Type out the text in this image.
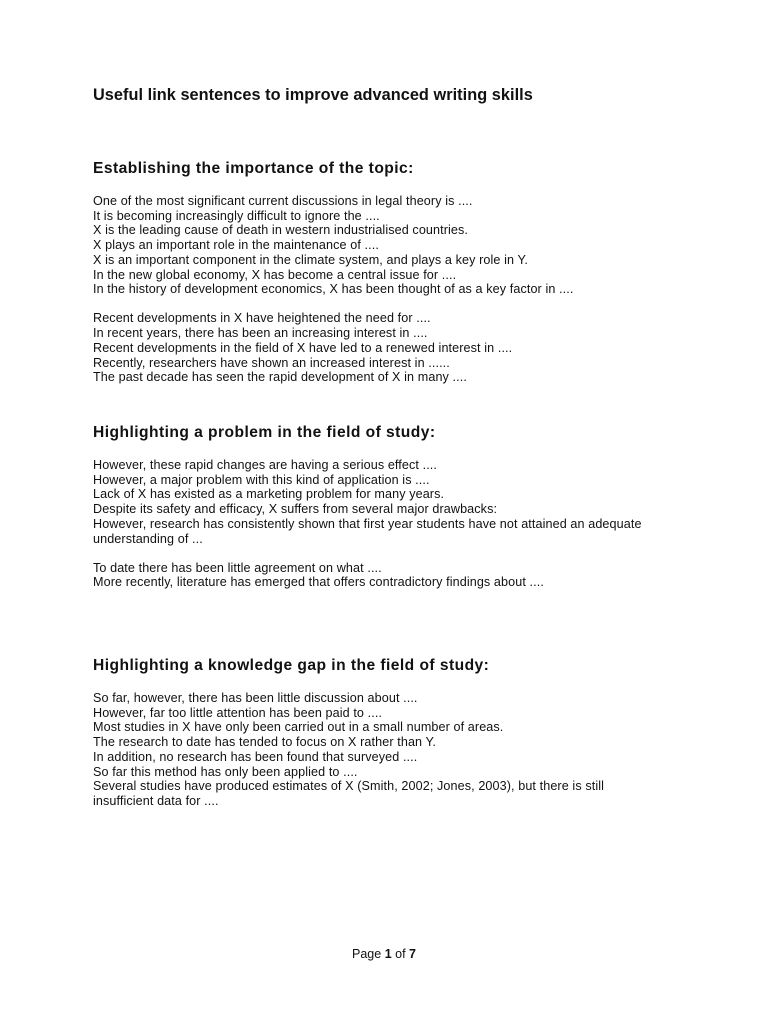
Useful link sentences to improve advanced writing skills
Establishing the importance of the topic:
One of the most significant current discussions in legal theory is ....
It is becoming increasingly difficult to ignore the ....
X is the leading cause of death in western industrialised countries.
X plays an important role in the maintenance of ....
X is an important component in the climate system, and plays a key role in Y.
In the new global economy, X has become a central issue for ....
In the history of development economics, X has been thought of as a key factor in ....
Recent developments in X have heightened the need for ....
In recent years, there has been an increasing interest in ....
Recent developments in the field of X have led to a renewed interest in ....
Recently, researchers have shown an increased interest in ......
The past decade has seen the rapid development of X in many ....
Highlighting a problem in the field of study:
However, these rapid changes are having a serious effect ....
However, a major problem with this kind of application is ....
Lack of X has existed as a marketing problem for many years.
Despite its safety and efficacy, X suffers from several major drawbacks:
However, research has consistently shown that first year students have not attained an adequate
understanding of ...
To date there has been little agreement on what ....
More recently, literature has emerged that offers contradictory findings about ....
Highlighting a knowledge gap in the field of study:
So far, however, there has been little discussion about ....
However, far too little attention has been paid to ....
Most studies in X have only been carried out in a small number of areas.
The research to date has tended to focus on X rather than Y.
In addition, no research has been found that surveyed ....
So far this method has only been applied to ....
Several studies have produced estimates of X (Smith, 2002; Jones, 2003), but there is still
insufficient data for ....
Page 1 of 7
